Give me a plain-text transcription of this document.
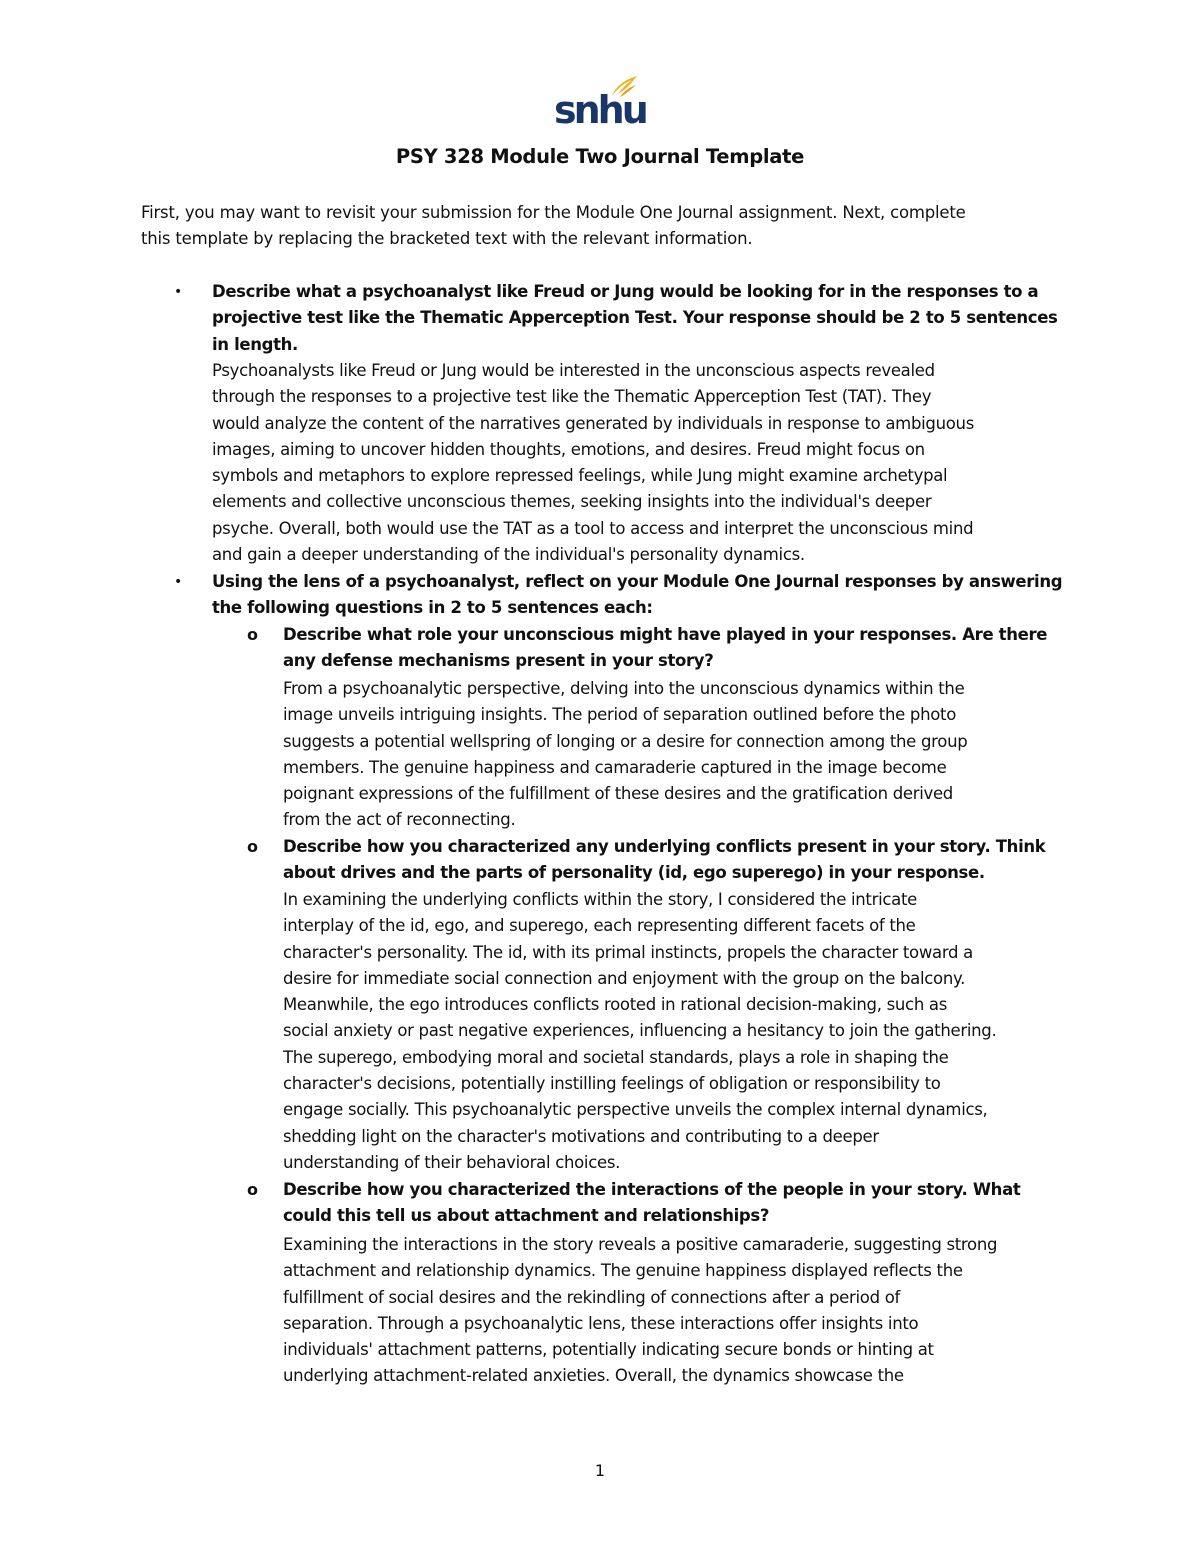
snhu
PSY 328 Module Two Journal Template
First, you may want to revisit your submission for the Module One Journal assignment. Next, complete
this template by replacing the bracketed text with the relevant information.
• Describe what a psychoanalyst like Freud or Jung would be looking for in the responses to a
projective test like the Thematic Apperception Test. Your response should be 2 to 5 sentences
in length.
Psychoanalysts like Freud or Jung would be interested in the unconscious aspects revealed
through the responses to a projective test like the Thematic Apperception Test (TAT). They
would analyze the content of the narratives generated by individuals in response to ambiguous
images, aiming to uncover hidden thoughts, emotions, and desires. Freud might focus on
symbols and metaphors to explore repressed feelings, while Jung might examine archetypal
elements and collective unconscious themes, seeking insights into the individual's deeper
psyche. Overall, both would use the TAT as a tool to access and interpret the unconscious mind
and gain a deeper understanding of the individual's personality dynamics.
• Using the lens of a psychoanalyst, reflect on your Module One Journal responses by answering
the following questions in 2 to 5 sentences each:
o Describe what role your unconscious might have played in your responses. Are there
any defense mechanisms present in your story?
From a psychoanalytic perspective, delving into the unconscious dynamics within the
image unveils intriguing insights. The period of separation outlined before the photo
suggests a potential wellspring of longing or a desire for connection among the group
members. The genuine happiness and camaraderie captured in the image become
poignant expressions of the fulfillment of these desires and the gratification derived
from the act of reconnecting.
o Describe how you characterized any underlying conflicts present in your story. Think
about drives and the parts of personality (id, ego superego) in your response.
In examining the underlying conflicts within the story, I considered the intricate
interplay of the id, ego, and superego, each representing different facets of the
character's personality. The id, with its primal instincts, propels the character toward a
desire for immediate social connection and enjoyment with the group on the balcony.
Meanwhile, the ego introduces conflicts rooted in rational decision-making, such as
social anxiety or past negative experiences, influencing a hesitancy to join the gathering.
The superego, embodying moral and societal standards, plays a role in shaping the
character's decisions, potentially instilling feelings of obligation or responsibility to
engage socially. This psychoanalytic perspective unveils the complex internal dynamics,
shedding light on the character's motivations and contributing to a deeper
understanding of their behavioral choices.
o Describe how you characterized the interactions of the people in your story. What
could this tell us about attachment and relationships?
Examining the interactions in the story reveals a positive camaraderie, suggesting strong
attachment and relationship dynamics. The genuine happiness displayed reflects the
fulfillment of social desires and the rekindling of connections after a period of
separation. Through a psychoanalytic lens, these interactions offer insights into
individuals' attachment patterns, potentially indicating secure bonds or hinting at
underlying attachment-related anxieties. Overall, the dynamics showcase the
1
